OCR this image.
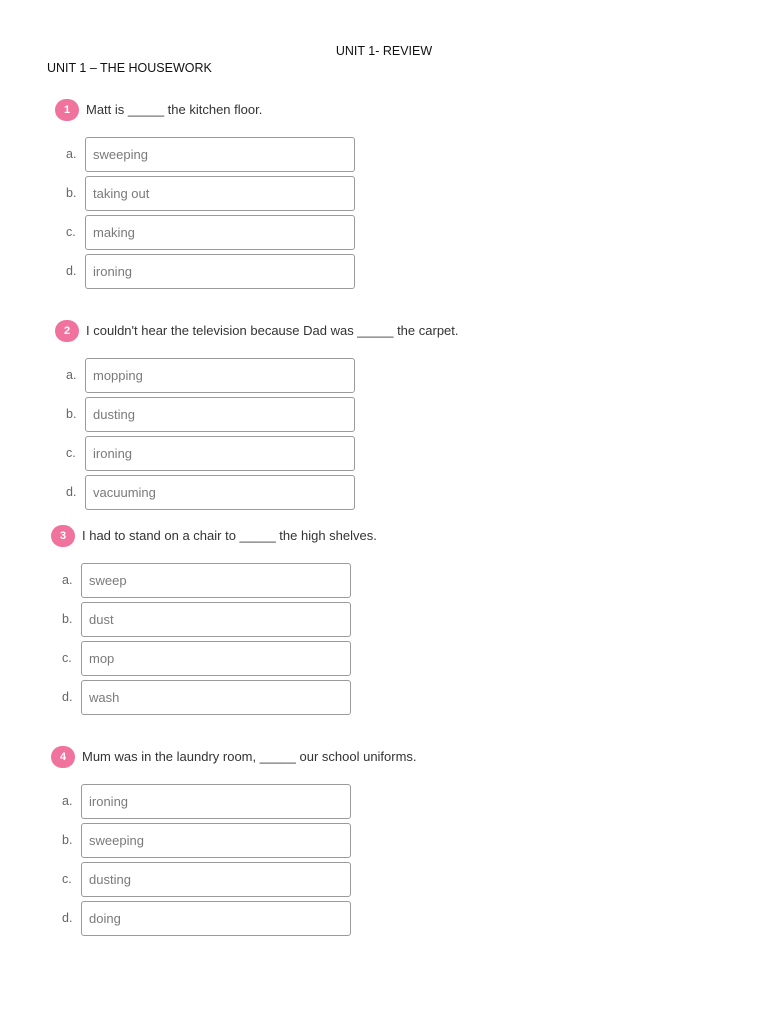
UNIT 1- REVIEW
UNIT 1 – THE HOUSEWORK
1	Matt is _____ the kitchen floor.
a. sweeping
b. taking out
c. making
d. ironing
2	I couldn't hear the television because Dad was _____ the carpet.
a. mopping
b. dusting
c. ironing
d. vacuuming
3	I had to stand on a chair to _____ the high shelves.
a. sweep
b. dust
c. mop
d. wash
4	Mum was in the laundry room, _____ our school uniforms.
a. ironing
b. sweeping
c. dusting
d. doing
